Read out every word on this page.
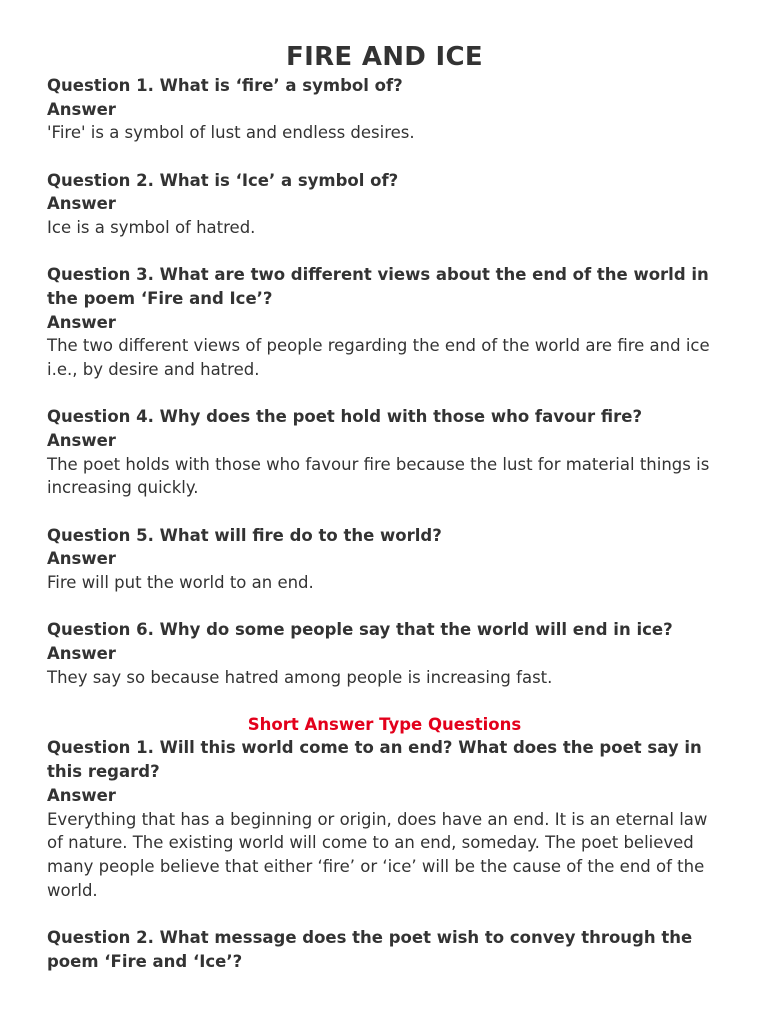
FIRE AND ICE

Question 1. What is ‘fire’ a symbol of?

Answer

'Fire' is a symbol of lust and endless desires.

Question 2. What is ‘Ice’ a symbol of?

Answer

Ice is a symbol of hatred.

Question 3. What are two different views about the end of the world in the poem ‘Fire and Ice’?

Answer

The two different views of people regarding the end of the world are fire and ice i.e., by desire and hatred.

Question 4. Why does the poet hold with those who favour fire?

Answer

The poet holds with those who favour fire because the lust for material things is increasing quickly.

Question 5. What will fire do to the world?

Answer

Fire will put the world to an end.

Question 6. Why do some people say that the world will end in ice?

Answer

They say so because hatred among people is increasing fast.

Short Answer Type Questions

Question 1. Will this world come to an end? What does the poet say in this regard?

Answer

Everything that has a beginning or origin, does have an end. It is an eternal law of nature. The existing world will come to an end, someday. The poet believed many people believe that either ‘fire’ or ‘ice’ will be the cause of the end of the world.

Question 2. What message does the poet wish to convey through the poem ‘Fire and ‘Ice’?
